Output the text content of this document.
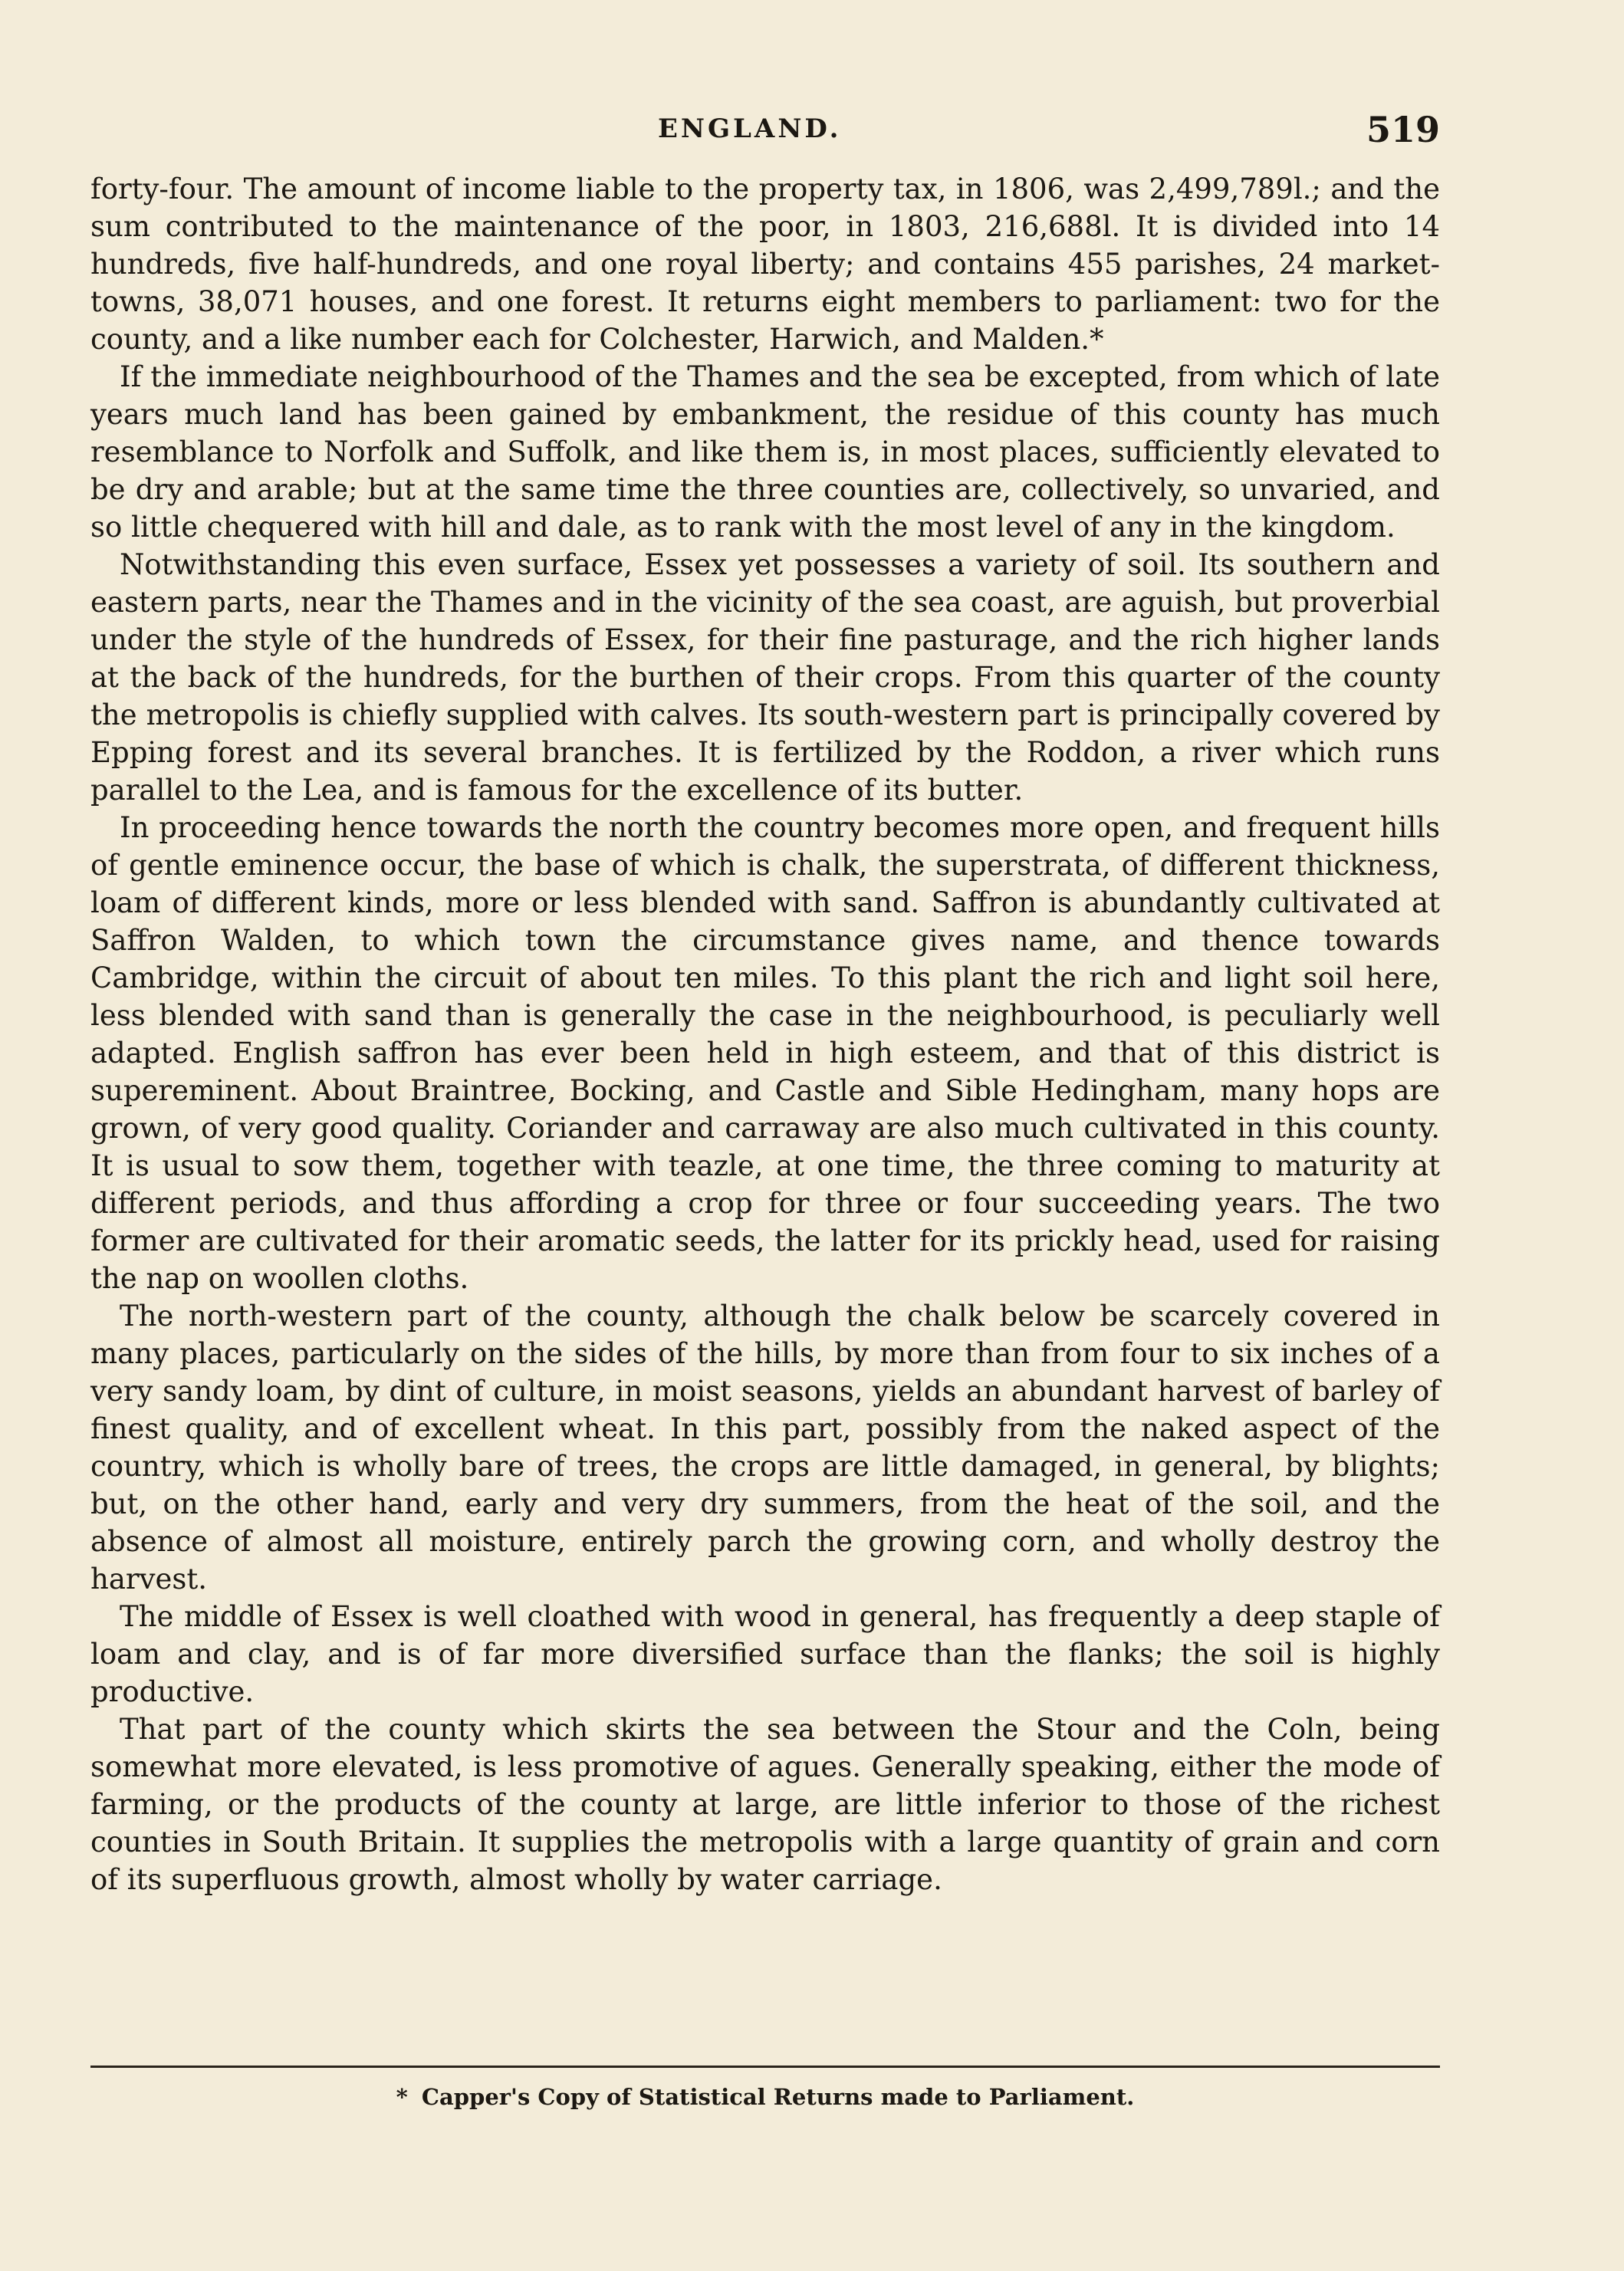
ENGLAND.	519

forty-four. The amount of income liable to the property tax, in 1806, was 2,499,789l.; and the sum contributed to the maintenance of the poor, in 1803, 216,688l. It is divided into 14 hundreds, five half-hundreds, and one royal liberty; and contains 455 parishes, 24 market-towns, 38,071 houses, and one forest. It returns eight members to parliament: two for the county, and a like number each for Colchester, Harwich, and Malden.*

If the immediate neighbourhood of the Thames and the sea be excepted, from which of late years much land has been gained by embankment, the residue of this county has much resemblance to Norfolk and Suffolk, and like them is, in most places, sufficiently elevated to be dry and arable; but at the same time the three counties are, collectively, so unvaried, and so little chequered with hill and dale, as to rank with the most level of any in the kingdom.

Notwithstanding this even surface, Essex yet possesses a variety of soil. Its southern and eastern parts, near the Thames and in the vicinity of the sea coast, are aguish, but proverbial under the style of the hundreds of Essex, for their fine pasturage, and the rich higher lands at the back of the hundreds, for the burthen of their crops. From this quarter of the county the metropolis is chiefly supplied with calves. Its south-western part is principally covered by Epping forest and its several branches. It is fertilized by the Roddon, a river which runs parallel to the Lea, and is famous for the excellence of its butter.

In proceeding hence towards the north the country becomes more open, and frequent hills of gentle eminence occur, the base of which is chalk, the superstrata, of different thickness, loam of different kinds, more or less blended with sand. Saffron is abundantly cultivated at Saffron Walden, to which town the circumstance gives name, and thence towards Cambridge, within the circuit of about ten miles. To this plant the rich and light soil here, less blended with sand than is generally the case in the neighbourhood, is peculiarly well adapted. English saffron has ever been held in high esteem, and that of this district is supereminent. About Braintree, Bocking, and Castle and Sible Hedingham, many hops are grown, of very good quality. Coriander and carraway are also much cultivated in this county. It is usual to sow them, together with teazle, at one time, the three coming to maturity at different periods, and thus affording a crop for three or four succeeding years. The two former are cultivated for their aromatic seeds, the latter for its prickly head, used for raising the nap on woollen cloths.

The north-western part of the county, although the chalk below be scarcely covered in many places, particularly on the sides of the hills, by more than from four to six inches of a very sandy loam, by dint of culture, in moist seasons, yields an abundant harvest of barley of finest quality, and of excellent wheat. In this part, possibly from the naked aspect of the country, which is wholly bare of trees, the crops are little damaged, in general, by blights; but, on the other hand, early and very dry summers, from the heat of the soil, and the absence of almost all moisture, entirely parch the growing corn, and wholly destroy the harvest.

The middle of Essex is well cloathed with wood in general, has frequently a deep staple of loam and clay, and is of far more diversified surface than the flanks; the soil is highly productive.

That part of the county which skirts the sea between the Stour and the Coln, being somewhat more elevated, is less promotive of agues. Generally speaking, either the mode of farming, or the products of the county at large, are little inferior to those of the richest counties in South Britain. It supplies the metropolis with a large quantity of grain and corn of its superfluous growth, almost wholly by water carriage.

* Capper's Copy of Statistical Returns made to Parliament.
